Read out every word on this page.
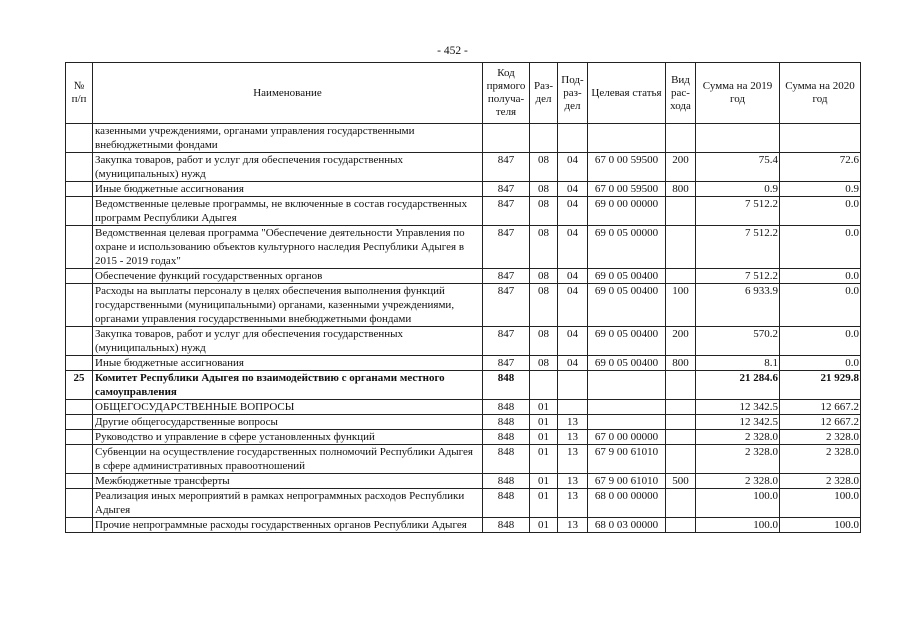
- 452 -
№ п/п	Наименование	Код прямого получа-теля	Раз-дел	Под-раз-дел	Целевая статья	Вид рас-хода	Сумма на 2019 год	Сумма на 2020 год
	казенными учреждениями, органами управления государственными внебюджетными фондами							
	Закупка товаров, работ и услуг для обеспечения государственных (муниципальных) нужд	847	08	04	67 0 00 59500	200	75.4	72.6
	Иные бюджетные ассигнования	847	08	04	67 0 00 59500	800	0.9	0.9
	Ведомственные целевые программы, не включенные в состав государственных программ Республики Адыгея	847	08	04	69 0 00 00000		7 512.2	0.0
	Ведомственная целевая программа "Обеспечение деятельности Управления по охране и использованию объектов культурного наследия Республики Адыгея в 2015 - 2019 годах"	847	08	04	69 0 05 00000		7 512.2	0.0
	Обеспечение функций государственных органов	847	08	04	69 0 05 00400		7 512.2	0.0
	Расходы на выплаты персоналу в целях обеспечения выполнения функций государственными (муниципальными) органами, казенными учреждениями, органами управления государственными внебюджетными фондами	847	08	04	69 0 05 00400	100	6 933.9	0.0
	Закупка товаров, работ и услуг для обеспечения государственных (муниципальных) нужд	847	08	04	69 0 05 00400	200	570.2	0.0
	Иные бюджетные ассигнования	847	08	04	69 0 05 00400	800	8.1	0.0
25	Комитет Республики Адыгея по взаимодействию с органами местного самоуправления	848					21 284.6	21 929.8
	ОБЩЕГОСУДАРСТВЕННЫЕ ВОПРОСЫ	848	01				12 342.5	12 667.2
	Другие общегосударственные вопросы	848	01	13			12 342.5	12 667.2
	Руководство и управление в сфере установленных функций	848	01	13	67 0 00 00000		2 328.0	2 328.0
	Субвенции на осуществление государственных полномочий Республики Адыгея в сфере административных правоотношений	848	01	13	67 9 00 61010		2 328.0	2 328.0
	Межбюджетные трансферты	848	01	13	67 9 00 61010	500	2 328.0	2 328.0
	Реализация иных мероприятий в рамках непрограммных расходов Республики Адыгея	848	01	13	68 0 00 00000		100.0	100.0
	Прочие непрограммные расходы государственных органов Республики Адыгея	848	01	13	68 0 03 00000		100.0	100.0
